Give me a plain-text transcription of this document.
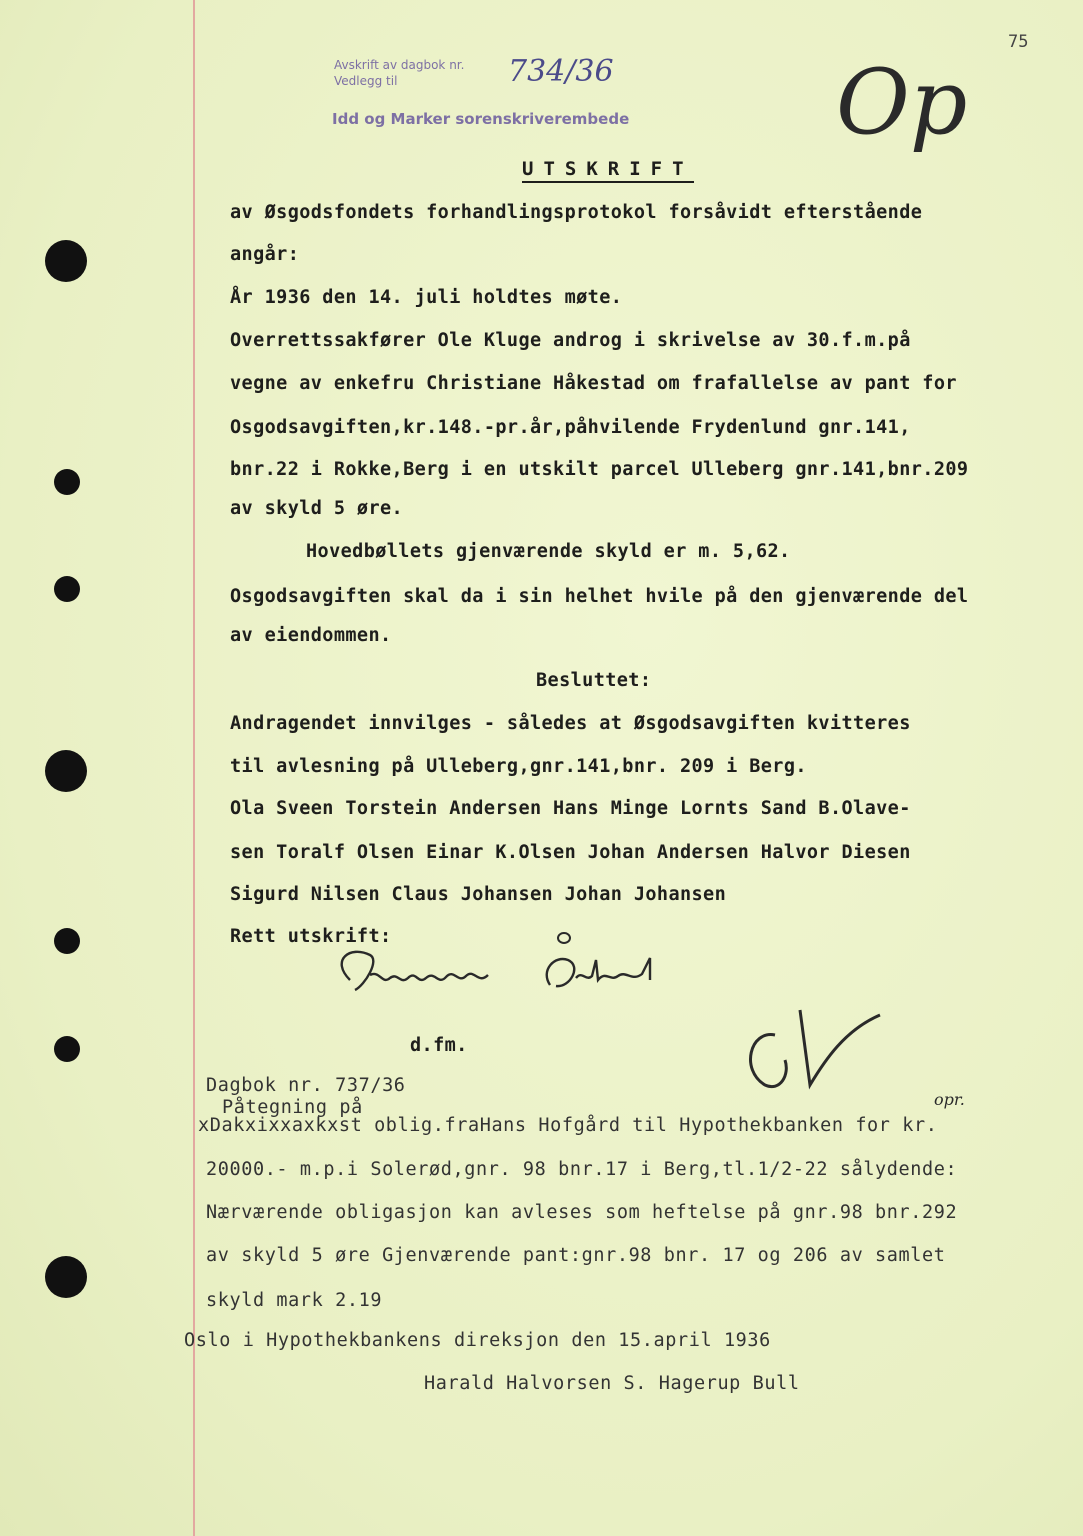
75
Avskrift av dagbok nr.
Vedlegg til
Idd og Marker sorenskriverembede
734/36 Op
UTSKRIFT
av Øsgodsfondets forhandlingsprotokol forsåvidt efterstående
angår:
År 1936 den 14. juli holdtes møte.
Overrettssakfører Ole Kluge androg i skrivelse av 30.f.m.på
vegne av enkefru Christiane Håkestad om frafallelse av pant for
Osgodsavgiften,kr.148.-pr.år,påhvilende Frydenlund gnr.141,
bnr.22 i Rokke,Berg i en utskilt parcel Ulleberg gnr.141,bnr.209
av skyld 5 øre.
Hovedbøllets gjenværende skyld er m. 5,62.
Osgodsavgiften skal da i sin helhet hvile på den gjenværende del
av eiendommen.
Besluttet:
Andragendet innvilges - således at Øsgodsavgiften kvitteres
til avlesning på Ulleberg,gnr.141,bnr. 209 i Berg.
Ola Sveen Torstein Andersen Hans Minge Lornts Sand B.Olave-
sen Toralf Olsen Einar K.Olsen Johan Andersen Halvor Diesen
Sigurd Nilsen Claus Johansen Johan Johansen
Rett utskrift:
d.fm.
Dagbok nr. 737/36
Påtegning på	opr.
xDakxixxaxkxst oblig.fraHans Hofgård til Hypothekbanken for kr.
20000.- m.p.i Solerød,gnr. 98 bnr.17 i Berg,tl.1/2-22 sålydende:
Nærværende obligasjon kan avleses som heftelse på gnr.98 bnr.292
av skyld 5 øre Gjenværende pant:gnr.98 bnr. 17 og 206 av samlet
skyld mark 2.19
Oslo i Hypothekbankens direksjon den 15.april 1936
Harald Halvorsen S. Hagerup Bull
